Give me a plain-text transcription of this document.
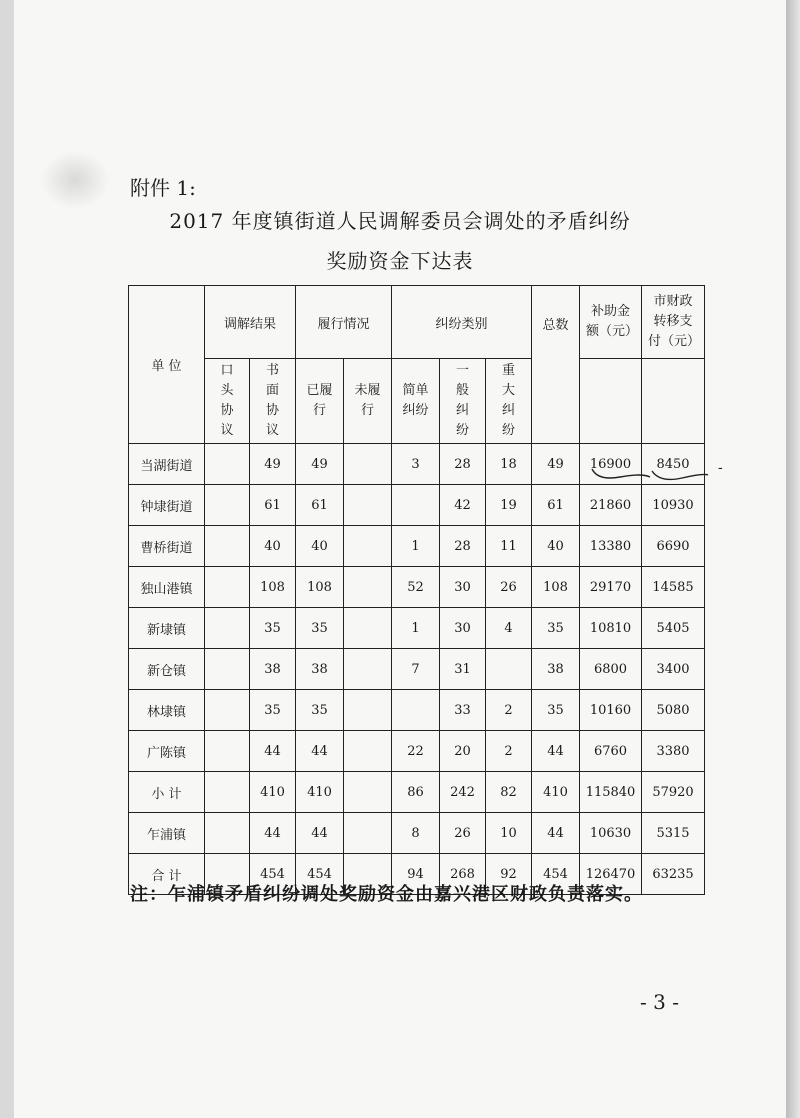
附件 1:
2017 年度镇街道人民调解委员会调处的矛盾纠纷
奖励资金下达表
单 位	调解结果		履行情况		纠纷类别			总数	补助金额（元）	市财政转移支付（元）
	口头协议	书面协议	已履行	未履行	简单纠纷	一般纠纷	重大纠纷			
当湖街道		49	49		3	28	18	49	16900	8450
钟埭街道		61	61			42	19	61	21860	10930
曹桥街道		40	40		1	28	11	40	13380	6690
独山港镇		108	108		52	30	26	108	29170	14585
新埭镇		35	35		1	30	4	35	10810	5405
新仓镇		38	38		7	31		38	6800	3400
林埭镇		35	35			33	2	35	10160	5080
广陈镇		44	44		22	20	2	44	6760	3380
小 计		410	410		86	242	82	410	115840	57920
乍浦镇		44	44		8	26	10	44	10630	5315
合 计		454	454		94	268	92	454	126470	63235
-
注：乍浦镇矛盾纠纷调处奖励资金由嘉兴港区财政负责落实。
- 3 -
